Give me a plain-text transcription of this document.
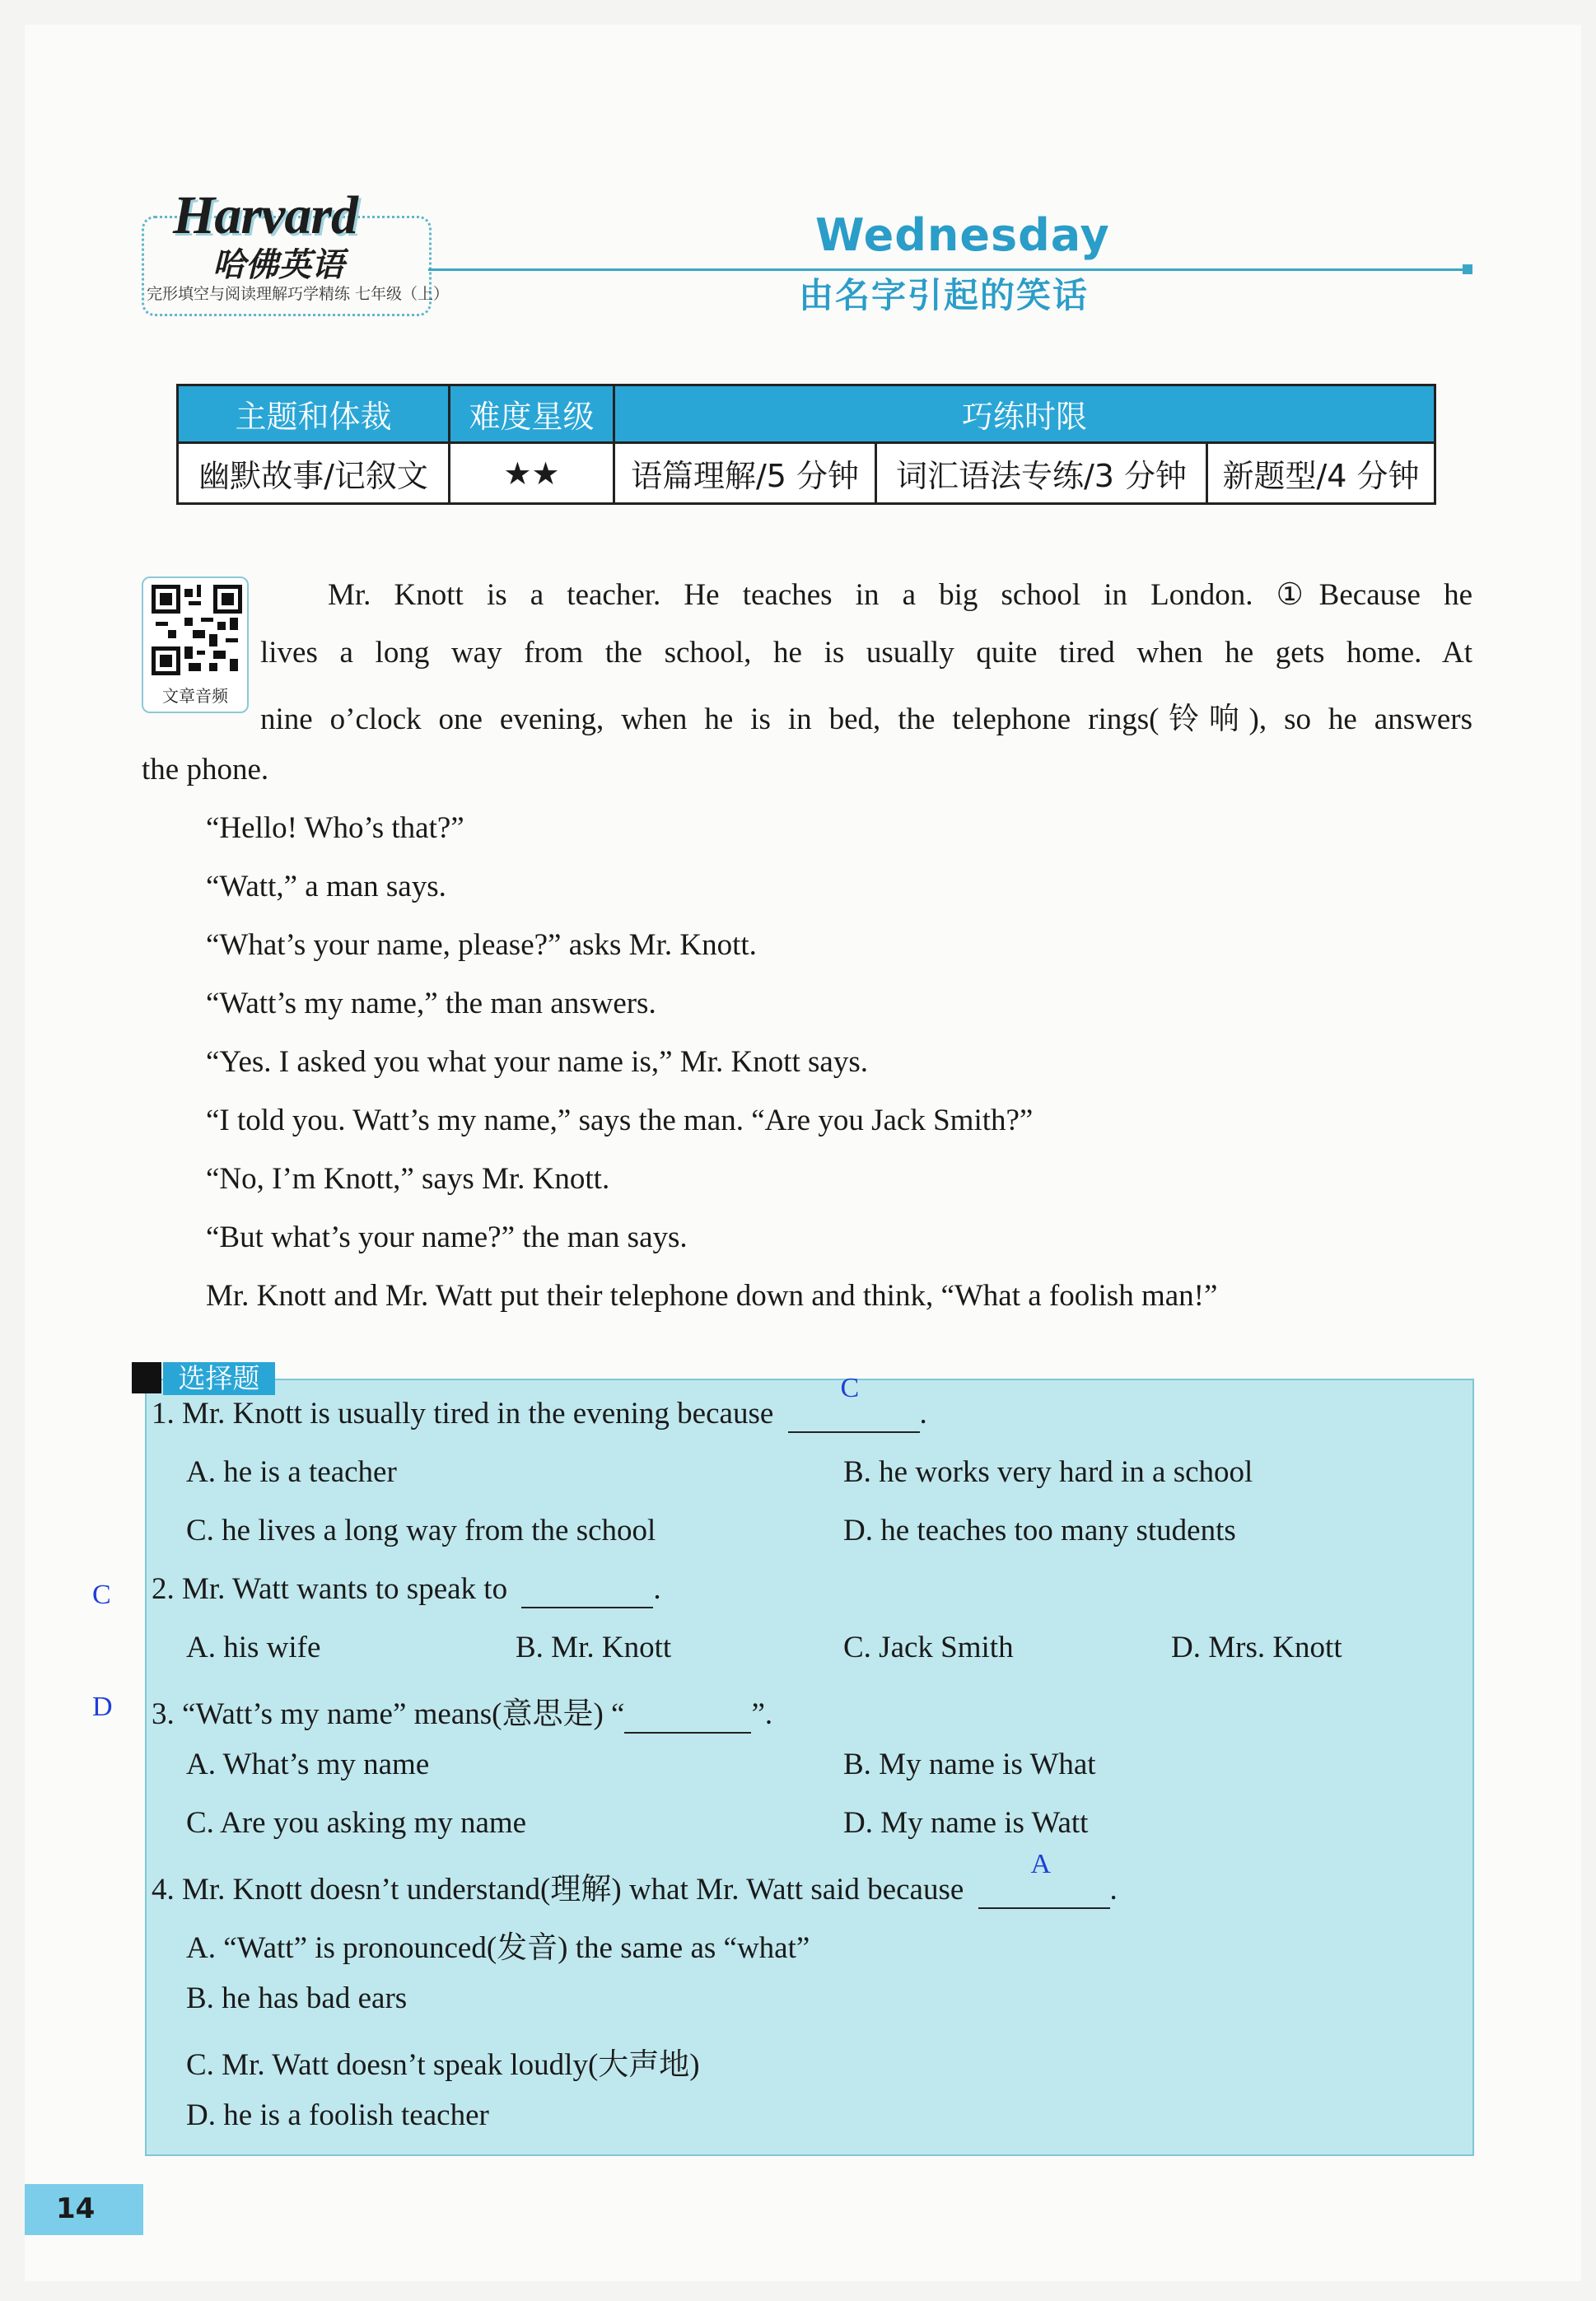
Harvard
哈佛英语
完形填空与阅读理解巧学精练 七年级（上）
Wednesday
由名字引起的笑话
主题和体裁	难度星级	巧练时限		
幽默故事/记叙文	★★	语篇理解/5 分钟	词汇语法专练/3 分钟	新题型/4 分钟
文章音频
Mr. Knott is a teacher. He teaches in a big school in London. ①Because he
lives a long way from the school, he is usually quite tired when he gets home. At
nine o’clock one evening, when he is in bed, the telephone rings(铃响), so he answers
the phone.
“Hello! Who’s that?”
“Watt,” a man says.
“What’s your name, please?” asks Mr. Knott.
“Watt’s my name,” the man answers.
“Yes. I asked you what your name is,” Mr. Knott says.
“I told you. Watt’s my name,” says the man. “Are you Jack Smith?”
“No, I’m Knott,” says Mr. Knott.
“But what’s your name?” the man says.
Mr. Knott and Mr. Watt put their telephone down and think, “What a foolish man!”
选择题
1. Mr. Knott is usually tired in the evening because
C
.
A. he is a teacher	B. he works very hard in a school
C. he lives a long way from the school	D. he teaches too many students
C 2. Mr. Watt wants to speak to	.
A. his wife	B. Mr. Knott	C. Jack Smith	D. Mrs. Knott
D 3. “Watt’s my name” means(意思是) “	”.
A. What’s my name	B. My name is What
C. Are you asking my name	D. My name is Watt
4. Mr. Knott doesn’t understand(理解) what Mr. Watt said because
A
.
A. “Watt” is pronounced(发音) the same as “what”
B. he has bad ears
C. Mr. Watt doesn’t speak loudly(大声地)
D. he is a foolish teacher
14
